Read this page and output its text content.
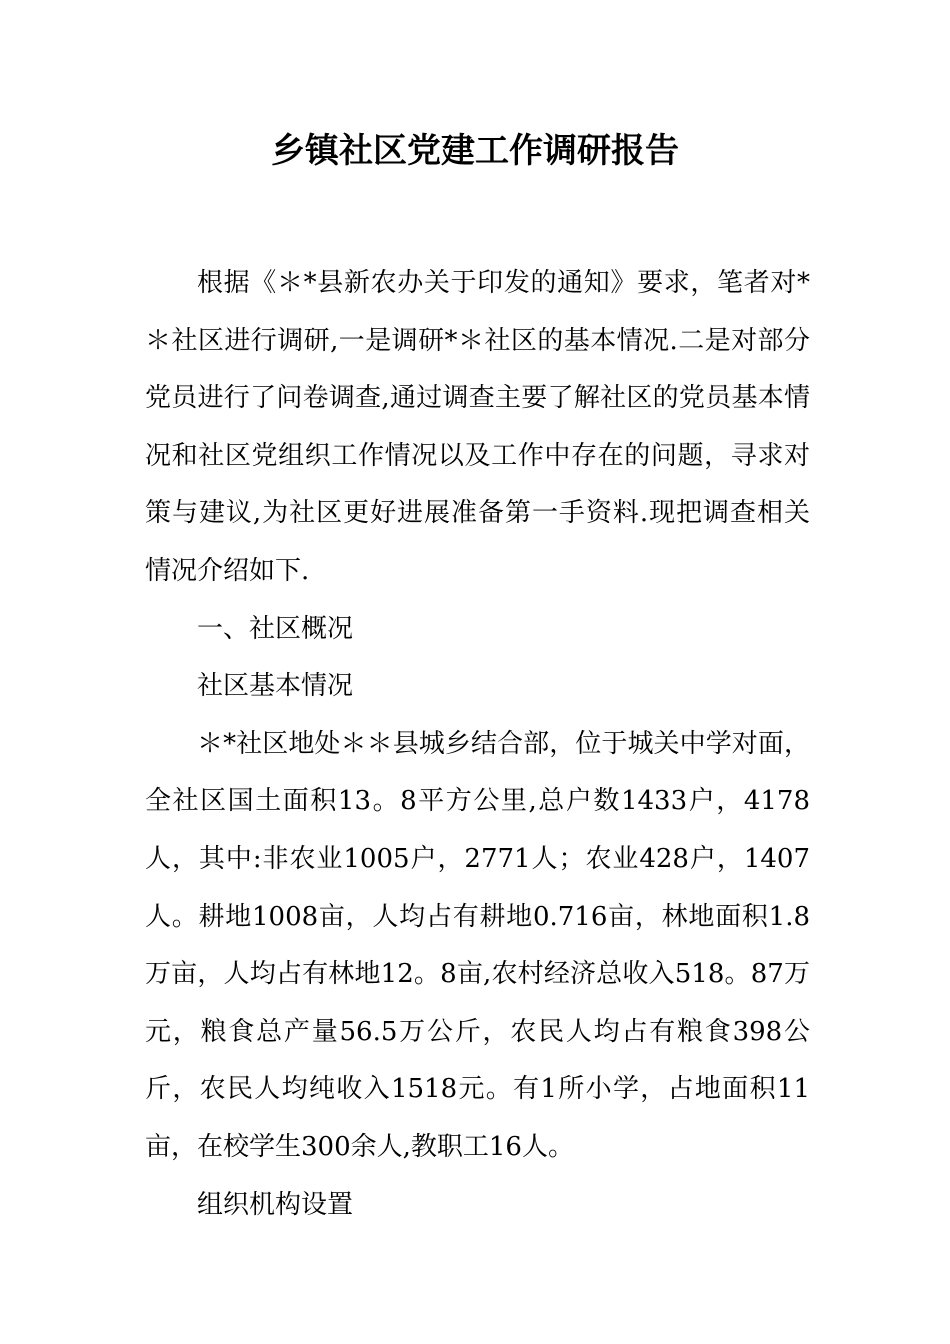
乡镇社区党建工作调研报告

根据《＊*县新农办关于印发的通知》要求，笔者对*＊社区进行调研,一是调研*＊社区的基本情况.二是对部分党员进行了问卷调查,通过调查主要了解社区的党员基本情况和社区党组织工作情况以及工作中存在的问题，寻求对策与建议,为社区更好进展准备第一手资料.现把调查相关情况介绍如下.

一、社区概况

社区基本情况

＊*社区地处＊＊县城乡结合部，位于城关中学对面，全社区国土面积13。8平方公里,总户数1433户，4178人，其中:非农业1005户，2771人；农业428户，1407人。耕地1008亩，人均占有耕地0.716亩，林地面积1.8万亩，人均占有林地12。8亩,农村经济总收入518。87万元，粮食总产量56.5万公斤，农民人均占有粮食398公斤，农民人均纯收入1518元。有1所小学，占地面积11亩，在校学生300余人,教职工16人。

组织机构设置
